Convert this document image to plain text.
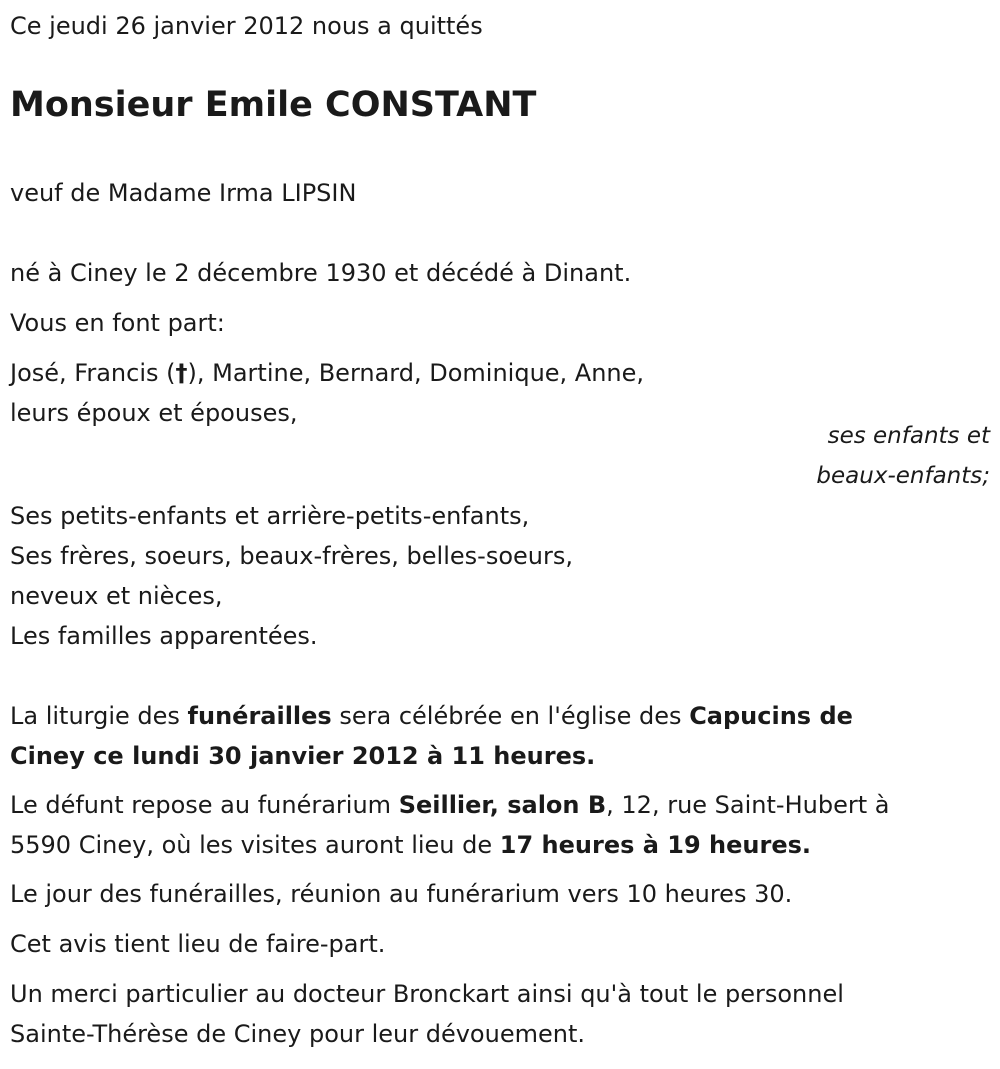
Ce jeudi 26 janvier 2012 nous a quittés
Monsieur Emile CONSTANT
veuf de Madame Irma LIPSIN
né à Ciney le 2 décembre 1930 et décédé à Dinant.
Vous en font part:
José, Francis (†), Martine, Bernard, Dominique, Anne,
leurs époux et épouses,
ses enfants et
beaux-enfants;
Ses petits-enfants et arrière-petits-enfants,
Ses frères, soeurs, beaux-frères, belles-soeurs,
neveux et nièces,
Les familles apparentées.
La liturgie des funérailles sera célébrée en l'église des Capucins de
Ciney ce lundi 30 janvier 2012 à 11 heures.
Le défunt repose au funérarium Seillier, salon B, 12, rue Saint-Hubert à
5590 Ciney, où les visites auront lieu de 17 heures à 19 heures.
Le jour des funérailles, réunion au funérarium vers 10 heures 30.
Cet avis tient lieu de faire-part.
Un merci particulier au docteur Bronckart ainsi qu'à tout le personnel
Sainte-Thérèse de Ciney pour leur dévouement.
